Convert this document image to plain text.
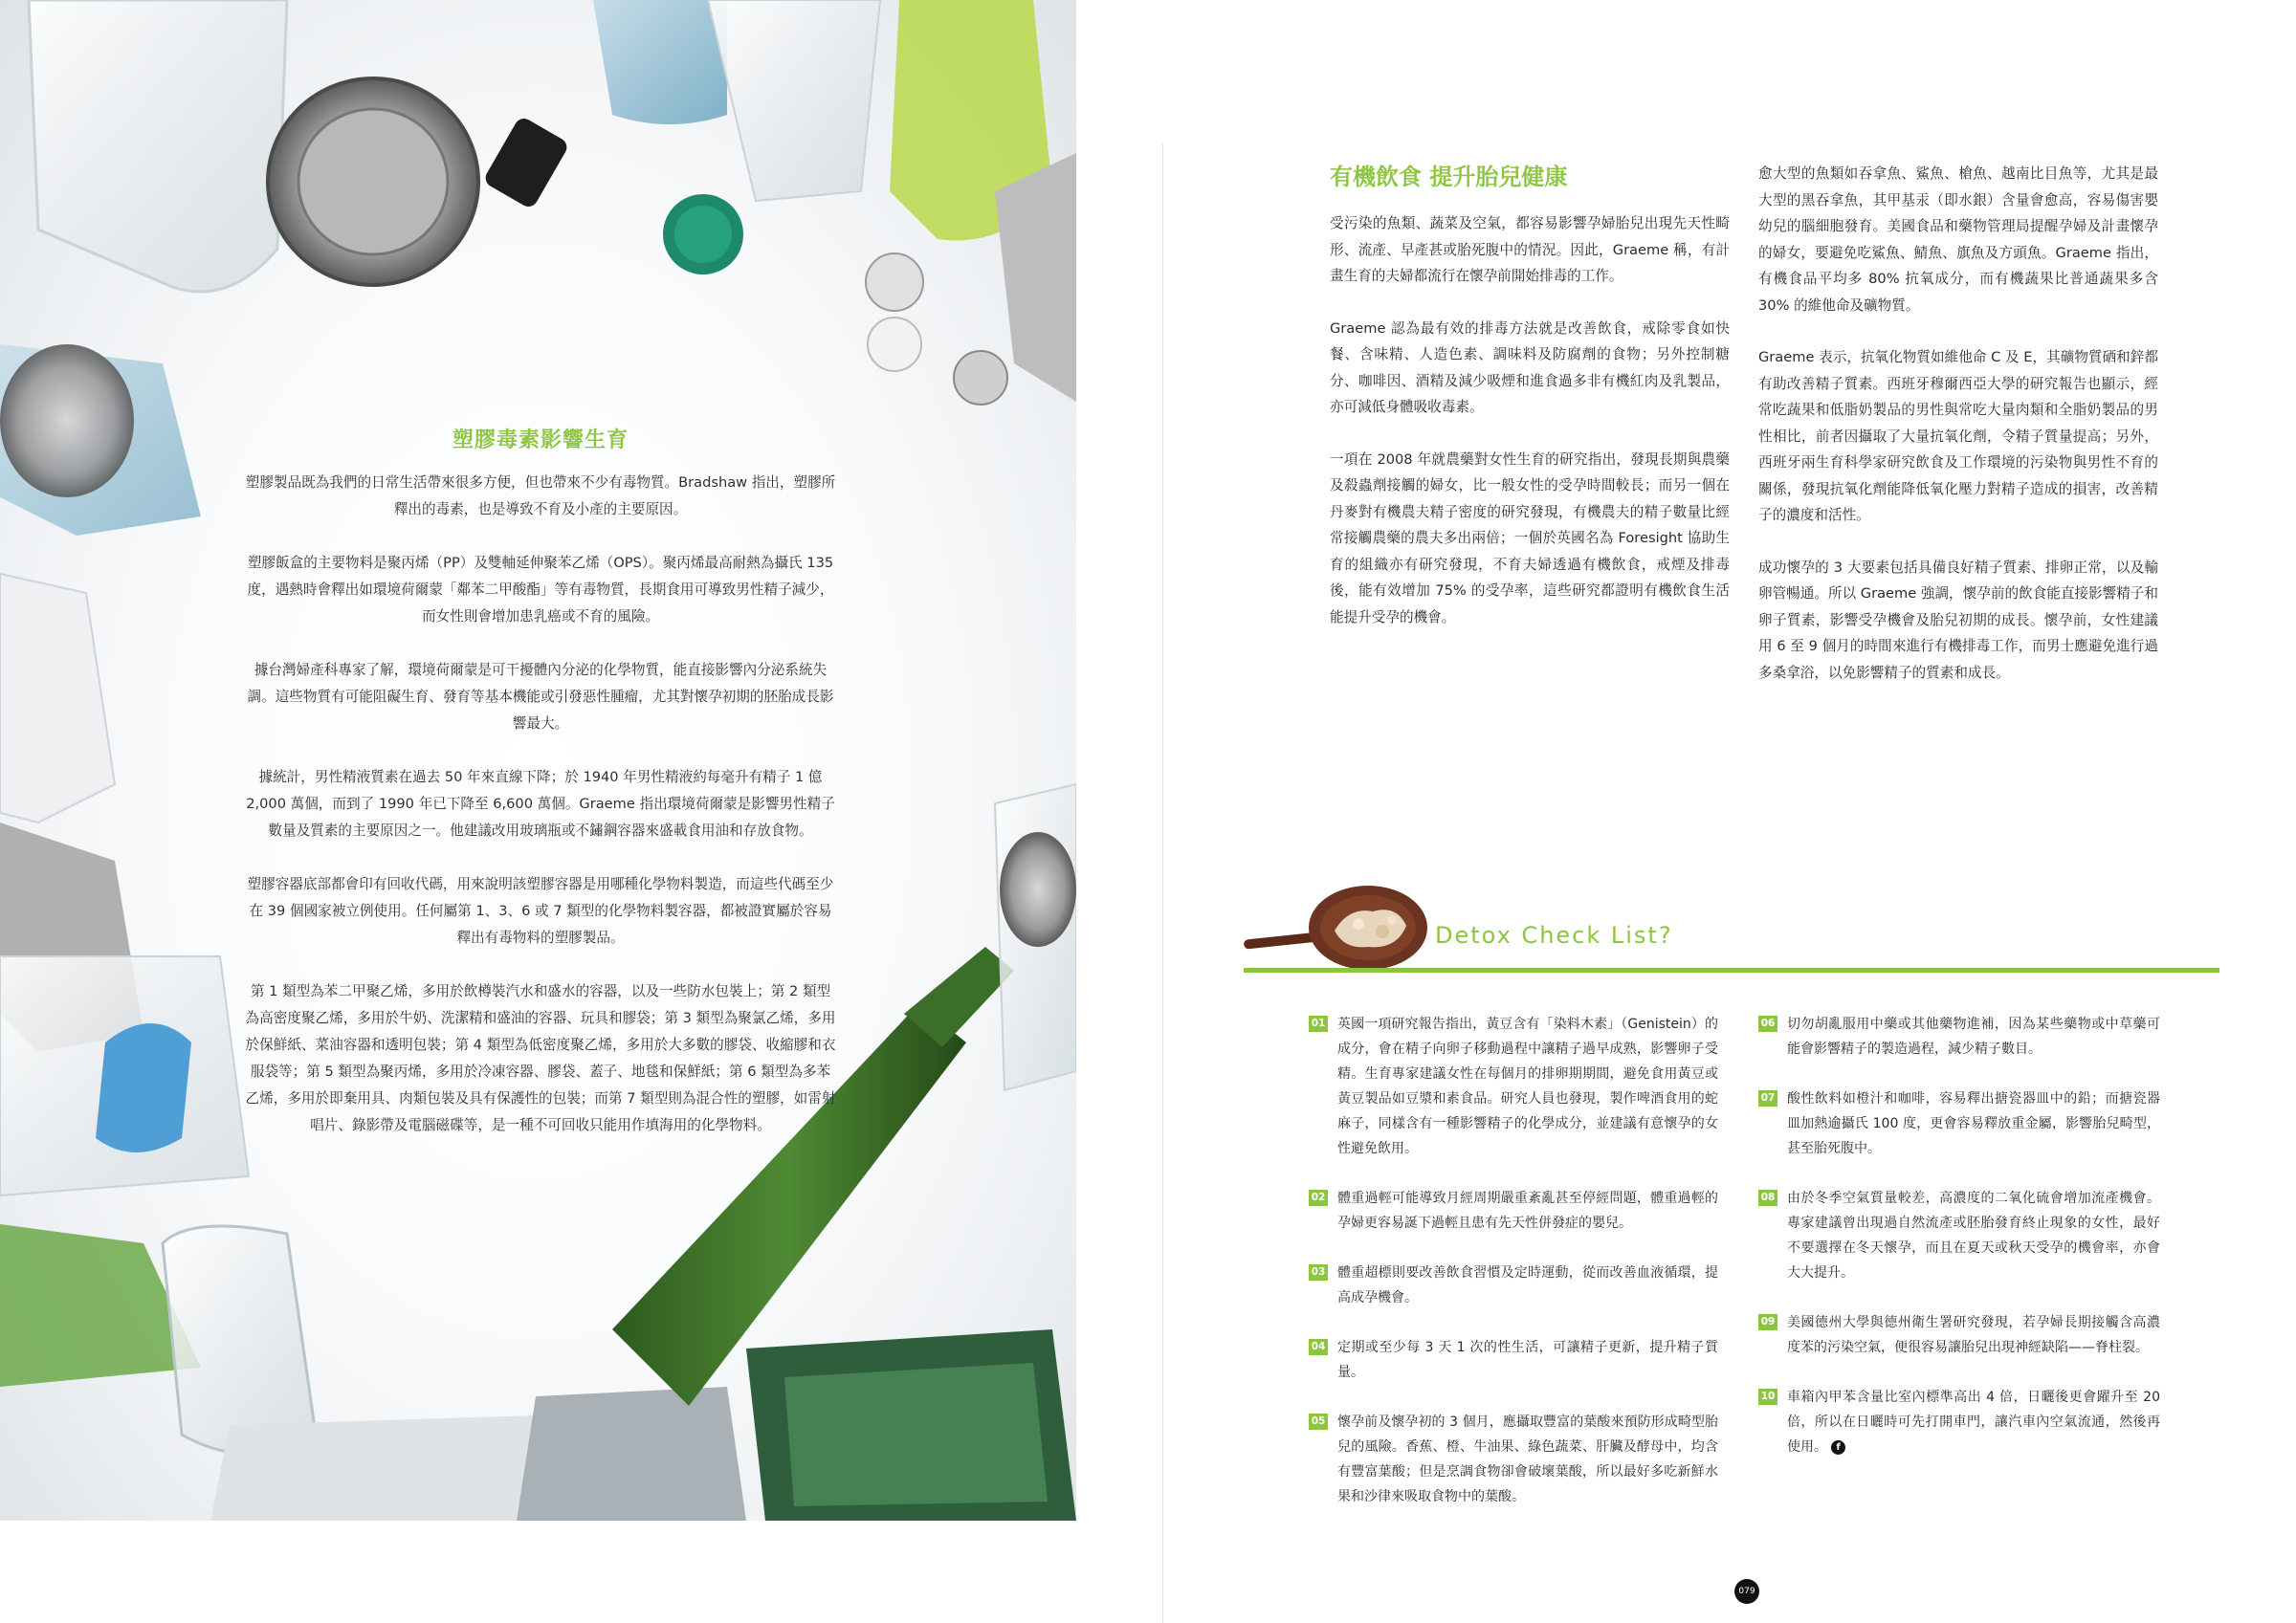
塑膠毒素影響生育

塑膠製品既為我們的日常生活帶來很多方便，但也帶來不少有毒物質。Bradshaw 指出，塑膠所釋出的毒素，也是導致不育及小產的主要原因。

塑膠飯盒的主要物料是聚丙烯（PP）及雙軸延伸聚苯乙烯（OPS）。聚丙烯最高耐熱為攝氏 135 度，遇熱時會釋出如環境荷爾蒙「鄰苯二甲酸酯」等有毒物質，長期食用可導致男性精子減少，而女性則會增加患乳癌或不育的風險。

據台灣婦產科專家了解，環境荷爾蒙是可干擾體內分泌的化學物質，能直接影響內分泌系統失調。這些物質有可能阻礙生育、發育等基本機能或引發惡性腫瘤，尤其對懷孕初期的胚胎成長影響最大。

據統計，男性精液質素在過去 50 年來直線下降；於 1940 年男性精液約每毫升有精子 1 億 2,000 萬個，而到了 1990 年已下降至 6,600 萬個。Graeme 指出環境荷爾蒙是影響男性精子數量及質素的主要原因之一。他建議改用玻璃瓶或不鏽鋼容器來盛載食用油和存放食物。

塑膠容器底部都會印有回收代碼，用來說明該塑膠容器是用哪種化學物料製造，而這些代碼至少在 39 個國家被立例使用。任何屬第 1、3、6 或 7 類型的化學物料製容器，都被證實屬於容易釋出有毒物料的塑膠製品。

第 1 類型為苯二甲聚乙烯，多用於飲樽裝汽水和盛水的容器，以及一些防水包裝上；第 2 類型為高密度聚乙烯，多用於牛奶、洗潔精和盛油的容器、玩具和膠袋；第 3 類型為聚氯乙烯，多用於保鮮紙、菜油容器和透明包裝；第 4 類型為低密度聚乙烯，多用於大多數的膠袋、收縮膠和衣服袋等；第 5 類型為聚丙烯，多用於冷凍容器、膠袋、蓋子、地毯和保鮮紙；第 6 類型為多苯乙烯，多用於即棄用具、肉類包裝及具有保護性的包裝；而第 7 類型則為混合性的塑膠，如雷射唱片、錄影帶及電腦磁碟等，是一種不可回收只能用作填海用的化學物料。

有機飲食 提升胎兒健康

受污染的魚類、蔬菜及空氣，都容易影響孕婦胎兒出現先天性畸形、流產、早產甚或胎死腹中的情況。因此，Graeme 稱，有計畫生育的夫婦都流行在懷孕前開始排毒的工作。

Graeme 認為最有效的排毒方法就是改善飲食，戒除零食如快餐、含味精、人造色素、調味料及防腐劑的食物；另外控制糖分、咖啡因、酒精及減少吸煙和進食過多非有機紅肉及乳製品，亦可減低身體吸收毒素。

一項在 2008 年就農藥對女性生育的研究指出，發現長期與農藥及殺蟲劑接觸的婦女，比一般女性的受孕時間較長；而另一個在丹麥對有機農夫精子密度的研究發現，有機農夫的精子數量比經常接觸農藥的農夫多出兩倍；一個於英國名為 Foresight 協助生育的組織亦有研究發現，不育夫婦透過有機飲食，戒煙及排毒後，能有效增加 75% 的受孕率，這些研究都證明有機飲食生活能提升受孕的機會。

愈大型的魚類如吞拿魚、鯊魚、槍魚、越南比目魚等，尤其是最大型的黑吞拿魚，其甲基汞（即水銀）含量會愈高，容易傷害嬰幼兒的腦細胞發育。美國食品和藥物管理局提醒孕婦及計畫懷孕的婦女，要避免吃鯊魚、鯖魚、旗魚及方頭魚。Graeme 指出，有機食品平均多 80% 抗氧成分，而有機蔬果比普通蔬果多含 30% 的維他命及礦物質。

Graeme 表示，抗氧化物質如維他命 C 及 E，其礦物質硒和鋅都有助改善精子質素。西班牙穆爾西亞大學的研究報告也顯示，經常吃蔬果和低脂奶製品的男性與常吃大量肉類和全脂奶製品的男性相比，前者因攝取了大量抗氧化劑，令精子質量提高；另外，西班牙兩生育科學家研究飲食及工作環境的污染物與男性不育的關係，發現抗氧化劑能降低氧化壓力對精子造成的損害，改善精子的濃度和活性。

成功懷孕的 3 大要素包括具備良好精子質素、排卵正常，以及輸卵管暢通。所以 Graeme 強調，懷孕前的飲食能直接影響精子和卵子質素，影響受孕機會及胎兒初期的成長。懷孕前，女性建議用 6 至 9 個月的時間來進行有機排毒工作，而男士應避免進行過多桑拿浴，以免影響精子的質素和成長。

Detox Check List?
01 英國一項研究報告指出，黃豆含有「染料木素」（Genistein）的成分，會在精子向卵子移動過程中讓精子過早成熟，影響卵子受精。生育專家建議女性在每個月的排卵期期間，避免食用黃豆或黃豆製品如豆漿和素食品。研究人員也發現，製作啤酒食用的蛇麻子，同樣含有一種影響精子的化學成分，並建議有意懷孕的女性避免飲用。
02 體重過輕可能導致月經周期嚴重紊亂甚至停經問題，體重過輕的孕婦更容易誕下過輕且患有先天性併發症的嬰兒。
03 體重超標則要改善飲食習慣及定時運動，從而改善血液循環，提高成孕機會。
04 定期或至少每 3 天 1 次的性生活，可讓精子更新，提升精子質量。
05 懷孕前及懷孕初的 3 個月，應攝取豐富的葉酸來預防形成畸型胎兒的風險。香蕉、橙、牛油果、綠色蔬菜、肝臟及酵母中，均含有豐富葉酸；但是烹調食物卻會破壞葉酸，所以最好多吃新鮮水果和沙律來吸取食物中的葉酸。
06 切勿胡亂服用中藥或其他藥物進補，因為某些藥物或中草藥可能會影響精子的製造過程，減少精子數目。
07 酸性飲料如橙汁和咖啡，容易釋出搪瓷器皿中的鉛；而搪瓷器皿加熱逾攝氏 100 度，更會容易釋放重金屬，影響胎兒畸型，甚至胎死腹中。
08 由於冬季空氣質量較差，高濃度的二氧化硫會增加流產機會。專家建議曾出現過自然流產或胚胎發育終止現象的女性，最好不要選擇在冬天懷孕，而且在夏天或秋天受孕的機會率，亦會大大提升。
09 美國德州大學與德州衛生署研究發現，若孕婦長期接觸含高濃度苯的污染空氣，便很容易讓胎兒出現神經缺陷——脊柱裂。
10 車箱內甲苯含量比室內標準高出 4 倍，日曬後更會躍升至 20 倍，所以在日曬時可先打開車門，讓汽車內空氣流通，然後再使用。 f
079
